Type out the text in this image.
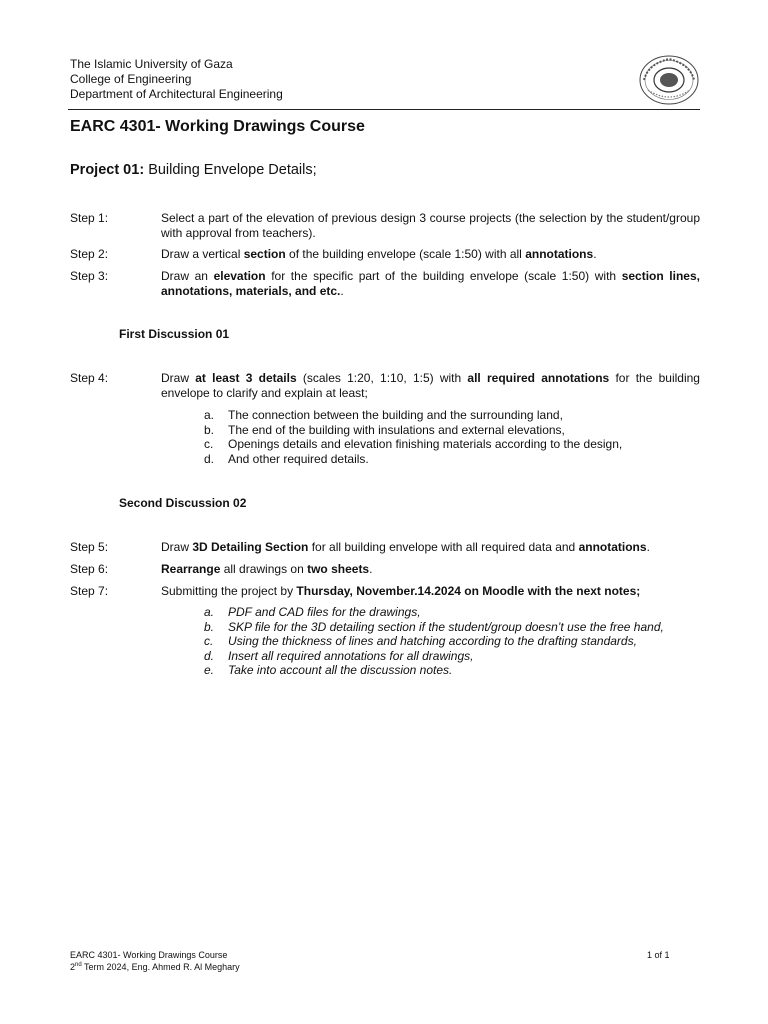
The Islamic University of Gaza
College of Engineering
Department of Architectural Engineering
EARC 4301- Working Drawings Course
Project 01: Building Envelope Details;
Step 1:	Select a part of the elevation of previous design 3 course projects (the selection by the student/group with approval from teachers).
Step 2:	Draw a vertical section of the building envelope (scale 1:50) with all annotations.
Step 3:	Draw an elevation for the specific part of the building envelope (scale 1:50) with section lines, annotations, materials, and etc..
First Discussion 01
Step 4:	Draw at least 3 details (scales 1:20, 1:10, 1:5) with all required annotations for the building envelope to clarify and explain at least;
a. The connection between the building and the surrounding land,
b. The end of the building with insulations and external elevations,
c. Openings details and elevation finishing materials according to the design,
d. And other required details.
Second Discussion 02
Step 5:	Draw 3D Detailing Section for all building envelope with all required data and annotations.
Step 6:	Rearrange all drawings on two sheets.
Step 7:	Submitting the project by Thursday, November.14.2024 on Moodle with the next notes;
a. PDF and CAD files for the drawings,
b. SKP file for the 3D detailing section if the student/group doesn’t use the free hand,
c. Using the thickness of lines and hatching according to the drafting standards,
d. Insert all required annotations for all drawings,
e. Take into account all the discussion notes.
EARC 4301- Working Drawings Course
2nd Term 2024, Eng. Ahmed R. Al Meghary
1 of 1
